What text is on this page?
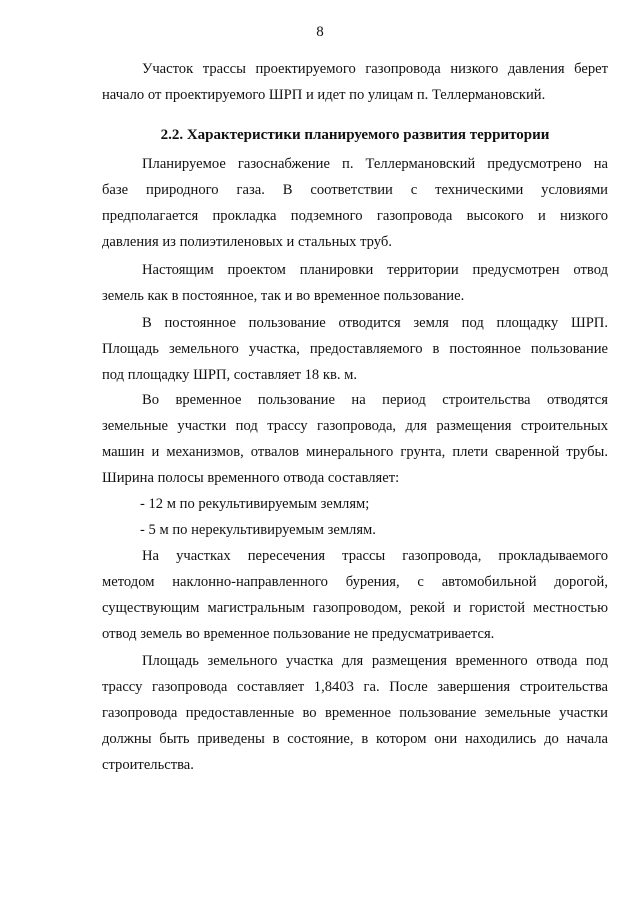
8
Участок трассы проектируемого газопровода низкого давления берет
начало от проектируемого ШРП и идет по улицам п. Теллермановский.
2.2. Характеристики планируемого развития территории
Планируемое газоснабжение п. Теллермановский предусмотрено на
базе природного газа. В соответствии с техническими условиями
предполагается прокладка подземного газопровода высокого и низкого
давления из полиэтиленовых и стальных труб.
Настоящим проектом планировки территории предусмотрен отвод
земель как в постоянное, так и во временное пользование.
В постоянное пользование отводится земля под площадку ШРП.
Площадь земельного участка, предоставляемого в постоянное пользование
под площадку ШРП, составляет 18 кв. м.
Во временное пользование на период строительства отводятся
земельные участки под трассу газопровода, для размещения строительных
машин и механизмов, отвалов минерального грунта, плети сваренной трубы.
Ширина полосы временного отвода составляет:
- 12 м по рекультивируемым землям;
- 5 м по нерекультивируемым землям.
На участках пересечения трассы газопровода, прокладываемого
методом наклонно-направленного бурения, с автомобильной дорогой,
существующим магистральным газопроводом, рекой и гористой местностью
отвод земель во временное пользование не предусматривается.
Площадь земельного участка для размещения временного отвода под
трассу газопровода составляет 1,8403 га. После завершения строительства
газопровода предоставленные во временное пользование земельные участки
должны быть приведены в состояние, в котором они находились до начала
строительства.
